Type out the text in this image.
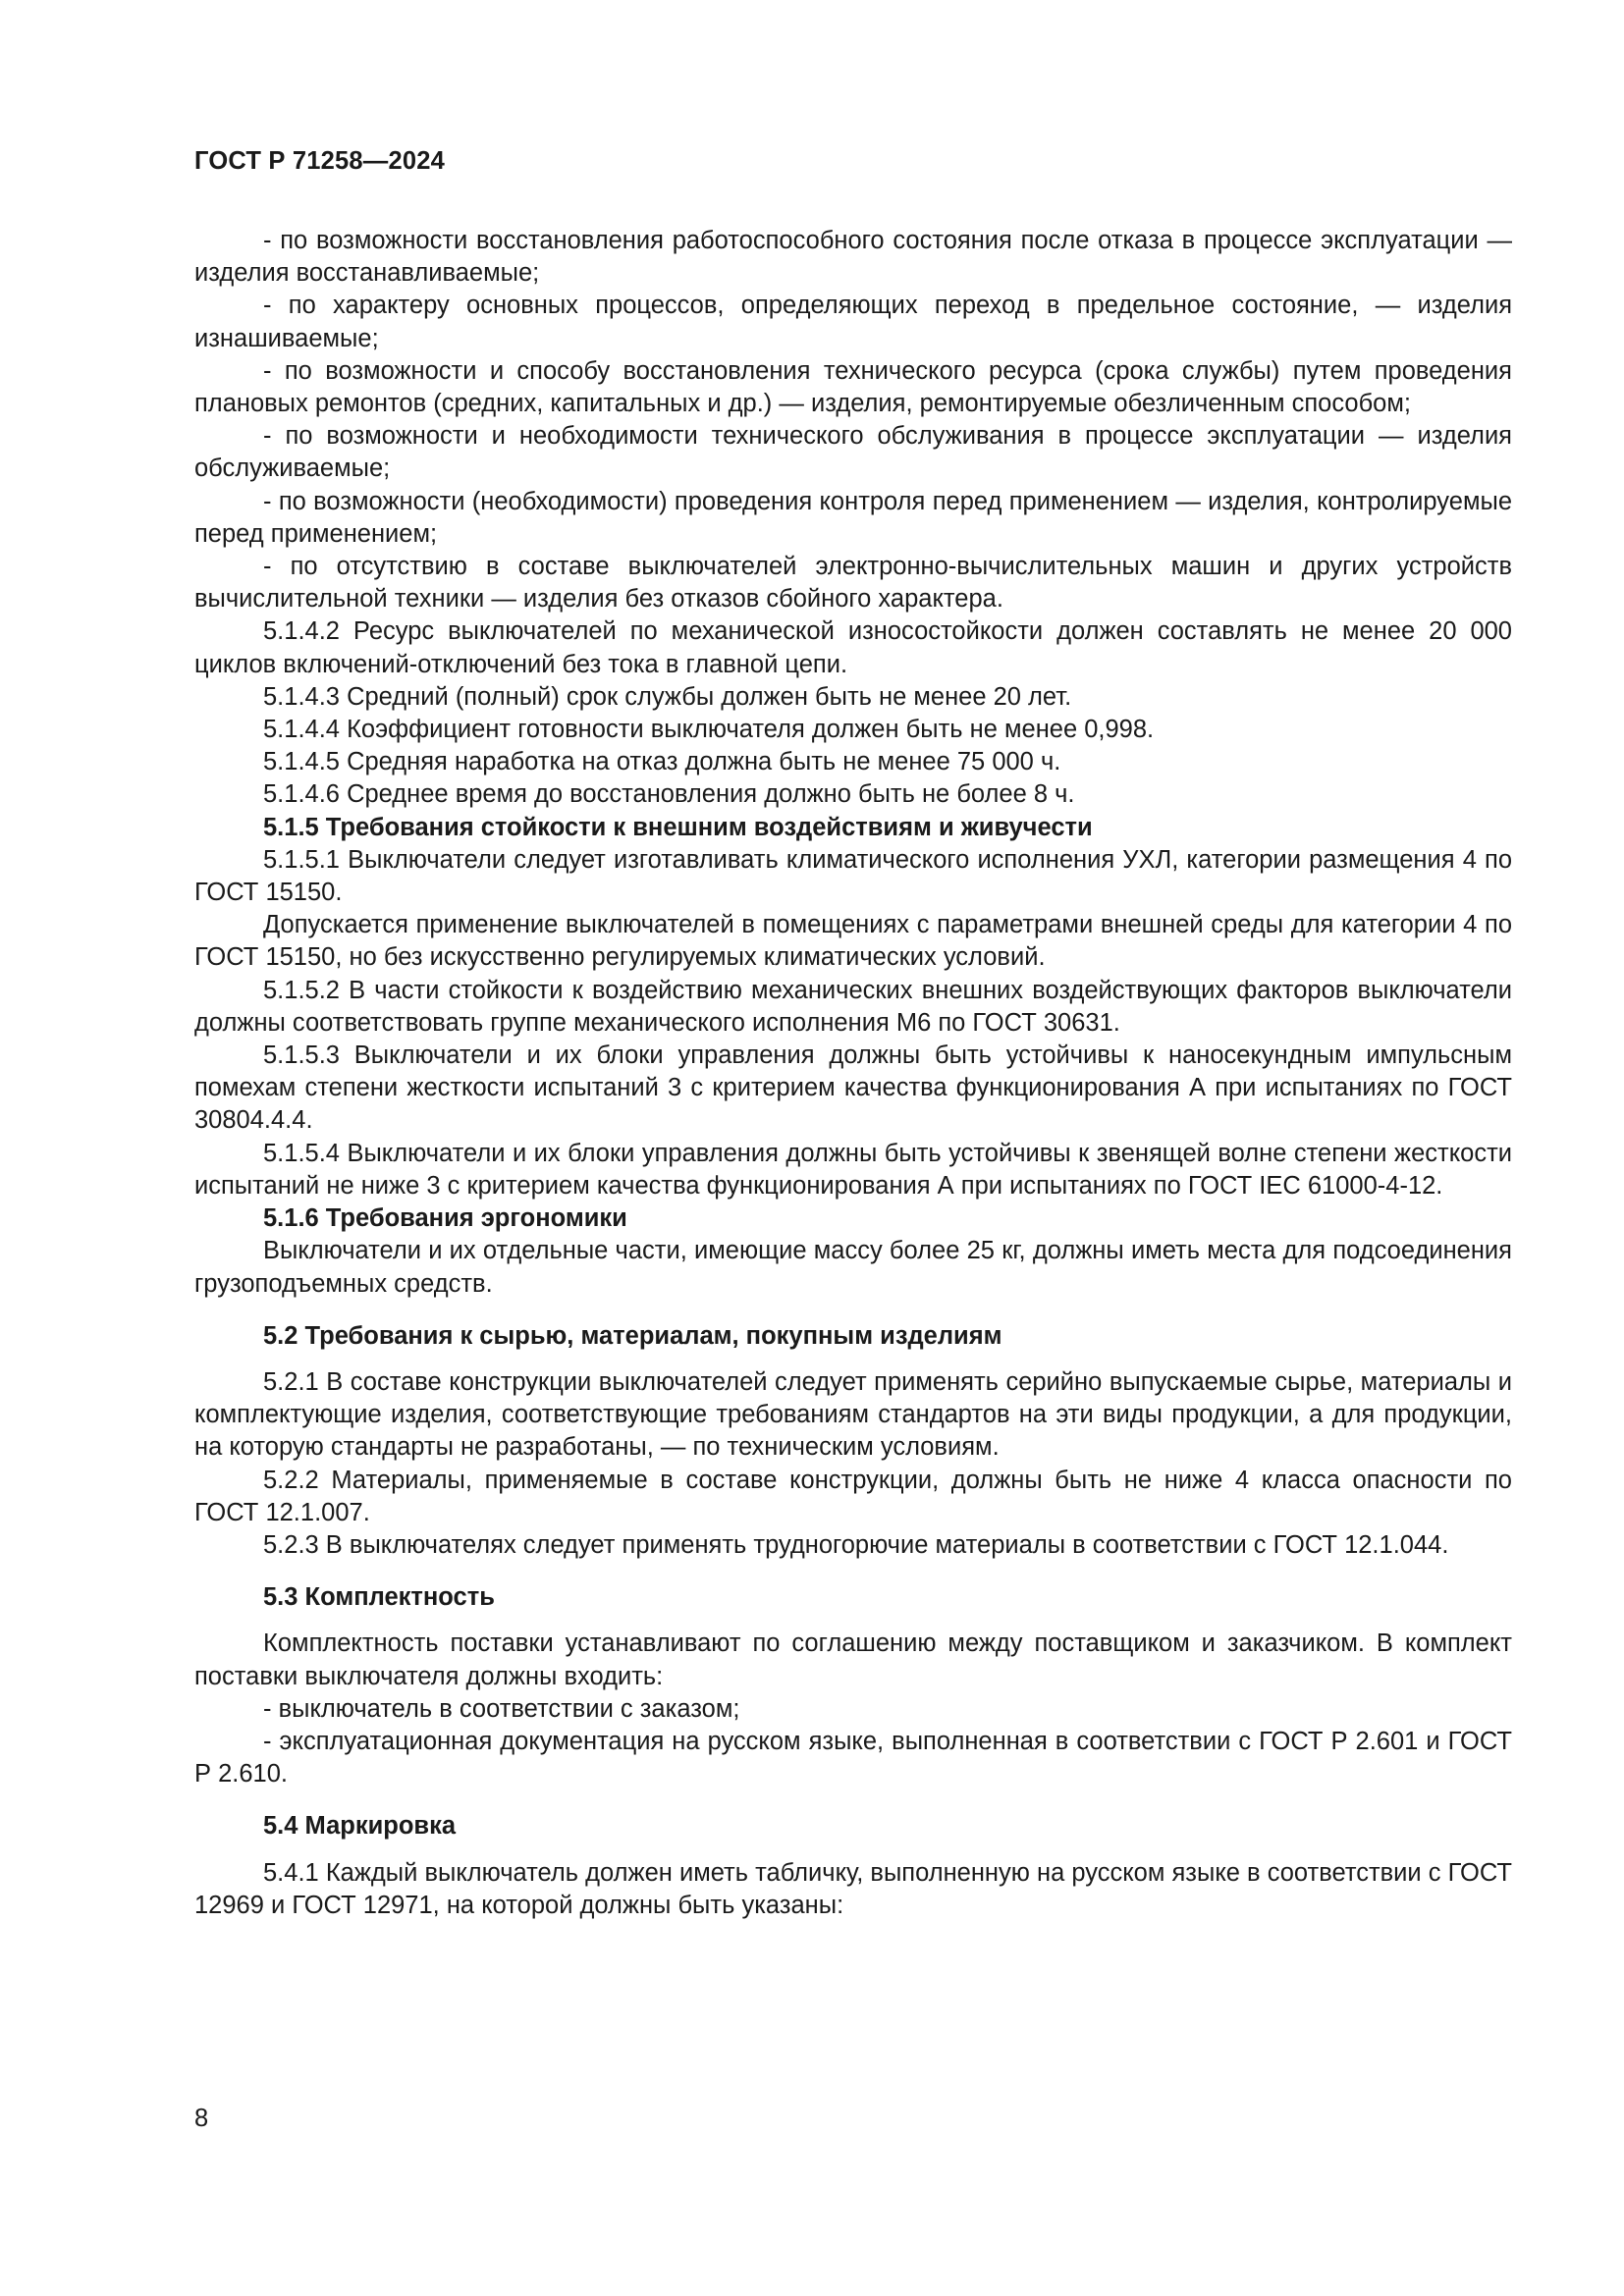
ГОСТ Р 71258—2024

- по возможности восстановления работоспособного состояния после отказа в процессе эксплуатации — изделия восстанавливаемые;

- по характеру основных процессов, определяющих переход в предельное состояние, — изделия изнашиваемые;

- по возможности и способу восстановления технического ресурса (срока службы) путем проведения плановых ремонтов (средних, капитальных и др.) — изделия, ремонтируемые обезличенным способом;

- по возможности и необходимости технического обслуживания в процессе эксплуатации — изделия обслуживаемые;

- по возможности (необходимости) проведения контроля перед применением — изделия, контролируемые перед применением;

- по отсутствию в составе выключателей электронно-вычислительных машин и других устройств вычислительной техники — изделия без отказов сбойного характера.

5.1.4.2 Ресурс выключателей по механической износостойкости должен составлять не менее 20 000 циклов включений-отключений без тока в главной цепи.

5.1.4.3 Средний (полный) срок службы должен быть не менее 20 лет.

5.1.4.4 Коэффициент готовности выключателя должен быть не менее 0,998.

5.1.4.5 Средняя наработка на отказ должна быть не менее 75 000 ч.

5.1.4.6 Среднее время до восстановления должно быть не более 8 ч.

5.1.5 Требования стойкости к внешним воздействиям и живучести

5.1.5.1 Выключатели следует изготавливать климатического исполнения УХЛ, категории размещения 4 по ГОСТ 15150.

Допускается применение выключателей в помещениях с параметрами внешней среды для категории 4 по ГОСТ 15150, но без искусственно регулируемых климатических условий.

5.1.5.2 В части стойкости к воздействию механических внешних воздействующих факторов выключатели должны соответствовать группе механического исполнения М6 по ГОСТ 30631.

5.1.5.3 Выключатели и их блоки управления должны быть устойчивы к наносекундным импульсным помехам степени жесткости испытаний 3 с критерием качества функционирования А при испытаниях по ГОСТ 30804.4.4.

5.1.5.4 Выключатели и их блоки управления должны быть устойчивы к звенящей волне степени жесткости испытаний не ниже 3 с критерием качества функционирования А при испытаниях по ГОСТ IEC 61000-4-12.

5.1.6 Требования эргономики

Выключатели и их отдельные части, имеющие массу более 25 кг, должны иметь места для подсоединения грузоподъемных средств.

5.2 Требования к сырью, материалам, покупным изделиям

5.2.1 В составе конструкции выключателей следует применять серийно выпускаемые сырье, материалы и комплектующие изделия, соответствующие требованиям стандартов на эти виды продукции, а для продукции, на которую стандарты не разработаны, — по техническим условиям.

5.2.2 Материалы, применяемые в составе конструкции, должны быть не ниже 4 класса опасности по ГОСТ 12.1.007.

5.2.3 В выключателях следует применять трудногорючие материалы в соответствии с ГОСТ 12.1.044.

5.3 Комплектность

Комплектность поставки устанавливают по соглашению между поставщиком и заказчиком. В комплект поставки выключателя должны входить:

- выключатель в соответствии с заказом;

- эксплуатационная документация на русском языке, выполненная в соответствии с ГОСТ Р 2.601 и ГОСТ Р 2.610.

5.4 Маркировка

5.4.1 Каждый выключатель должен иметь табличку, выполненную на русском языке в соответствии с ГОСТ 12969 и ГОСТ 12971, на которой должны быть указаны:

8
